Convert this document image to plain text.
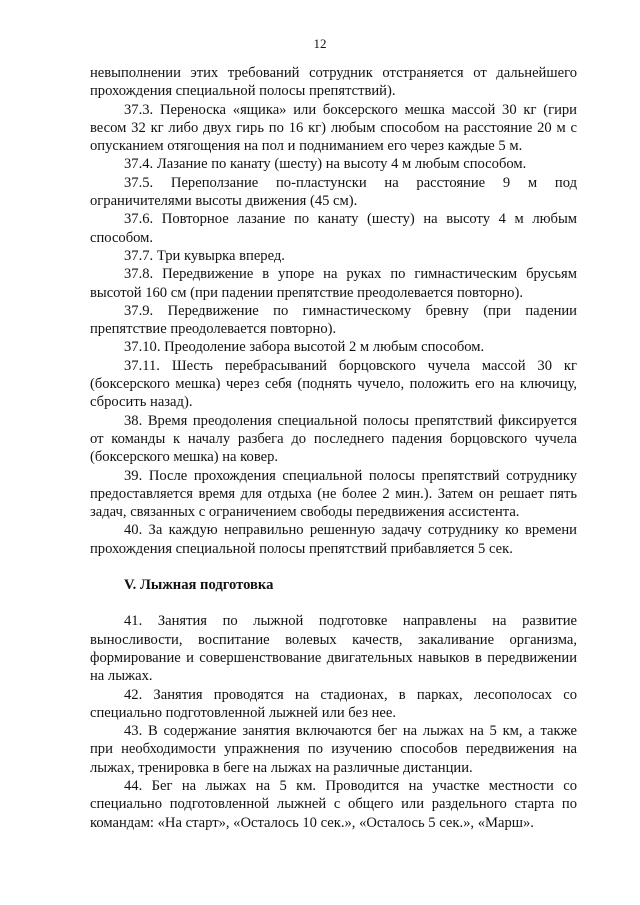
12

невыполнении этих требований сотрудник отстраняется от дальнейшего прохождения специальной полосы препятствий).

37.3. Переноска «ящика» или боксерского мешка массой 30 кг (гири весом 32 кг либо двух гирь по 16 кг) любым способом на расстояние 20 м с опусканием отягощения на пол и подниманием его через каждые 5 м.

37.4. Лазание по канату (шесту) на высоту 4 м любым способом.

37.5. Переползание по-пластунски на расстояние 9 м под ограничителями высоты движения (45 см).

37.6. Повторное лазание по канату (шесту) на высоту 4 м любым способом.

37.7. Три кувырка вперед.

37.8. Передвижение в упоре на руках по гимнастическим брусьям высотой 160 см (при падении препятствие преодолевается повторно).

37.9. Передвижение по гимнастическому бревну (при падении препятствие преодолевается повторно).

37.10. Преодоление забора высотой 2 м любым способом.

37.11. Шесть перебрасываний борцовского чучела массой 30 кг (боксерского мешка) через себя (поднять чучело, положить его на ключицу, сбросить назад).

38. Время преодоления специальной полосы препятствий фиксируется от команды к началу разбега до последнего падения борцовского чучела (боксерского мешка) на ковер.

39. После прохождения специальной полосы препятствий сотруднику предоставляется время для отдыха (не более 2 мин.). Затем он решает пять задач, связанных с ограничением свободы передвижения ассистента.

40. За каждую неправильно решенную задачу сотруднику ко времени прохождения специальной полосы препятствий прибавляется 5 сек.

V. Лыжная подготовка

41. Занятия по лыжной подготовке направлены на развитие выносливости, воспитание волевых качеств, закаливание организма, формирование и совершенствование двигательных навыков в передвижении на лыжах.

42. Занятия проводятся на стадионах, в парках, лесополосах со специально подготовленной лыжней или без нее.

43. В содержание занятия включаются бег на лыжах на 5 км, а также при необходимости упражнения по изучению способов передвижения на лыжах, тренировка в беге на лыжах на различные дистанции.

44. Бег на лыжах на 5 км. Проводится на участке местности со специально подготовленной лыжней с общего или раздельного старта по командам: «На старт», «Осталось 10 сек.», «Осталось 5 сек.», «Марш».
